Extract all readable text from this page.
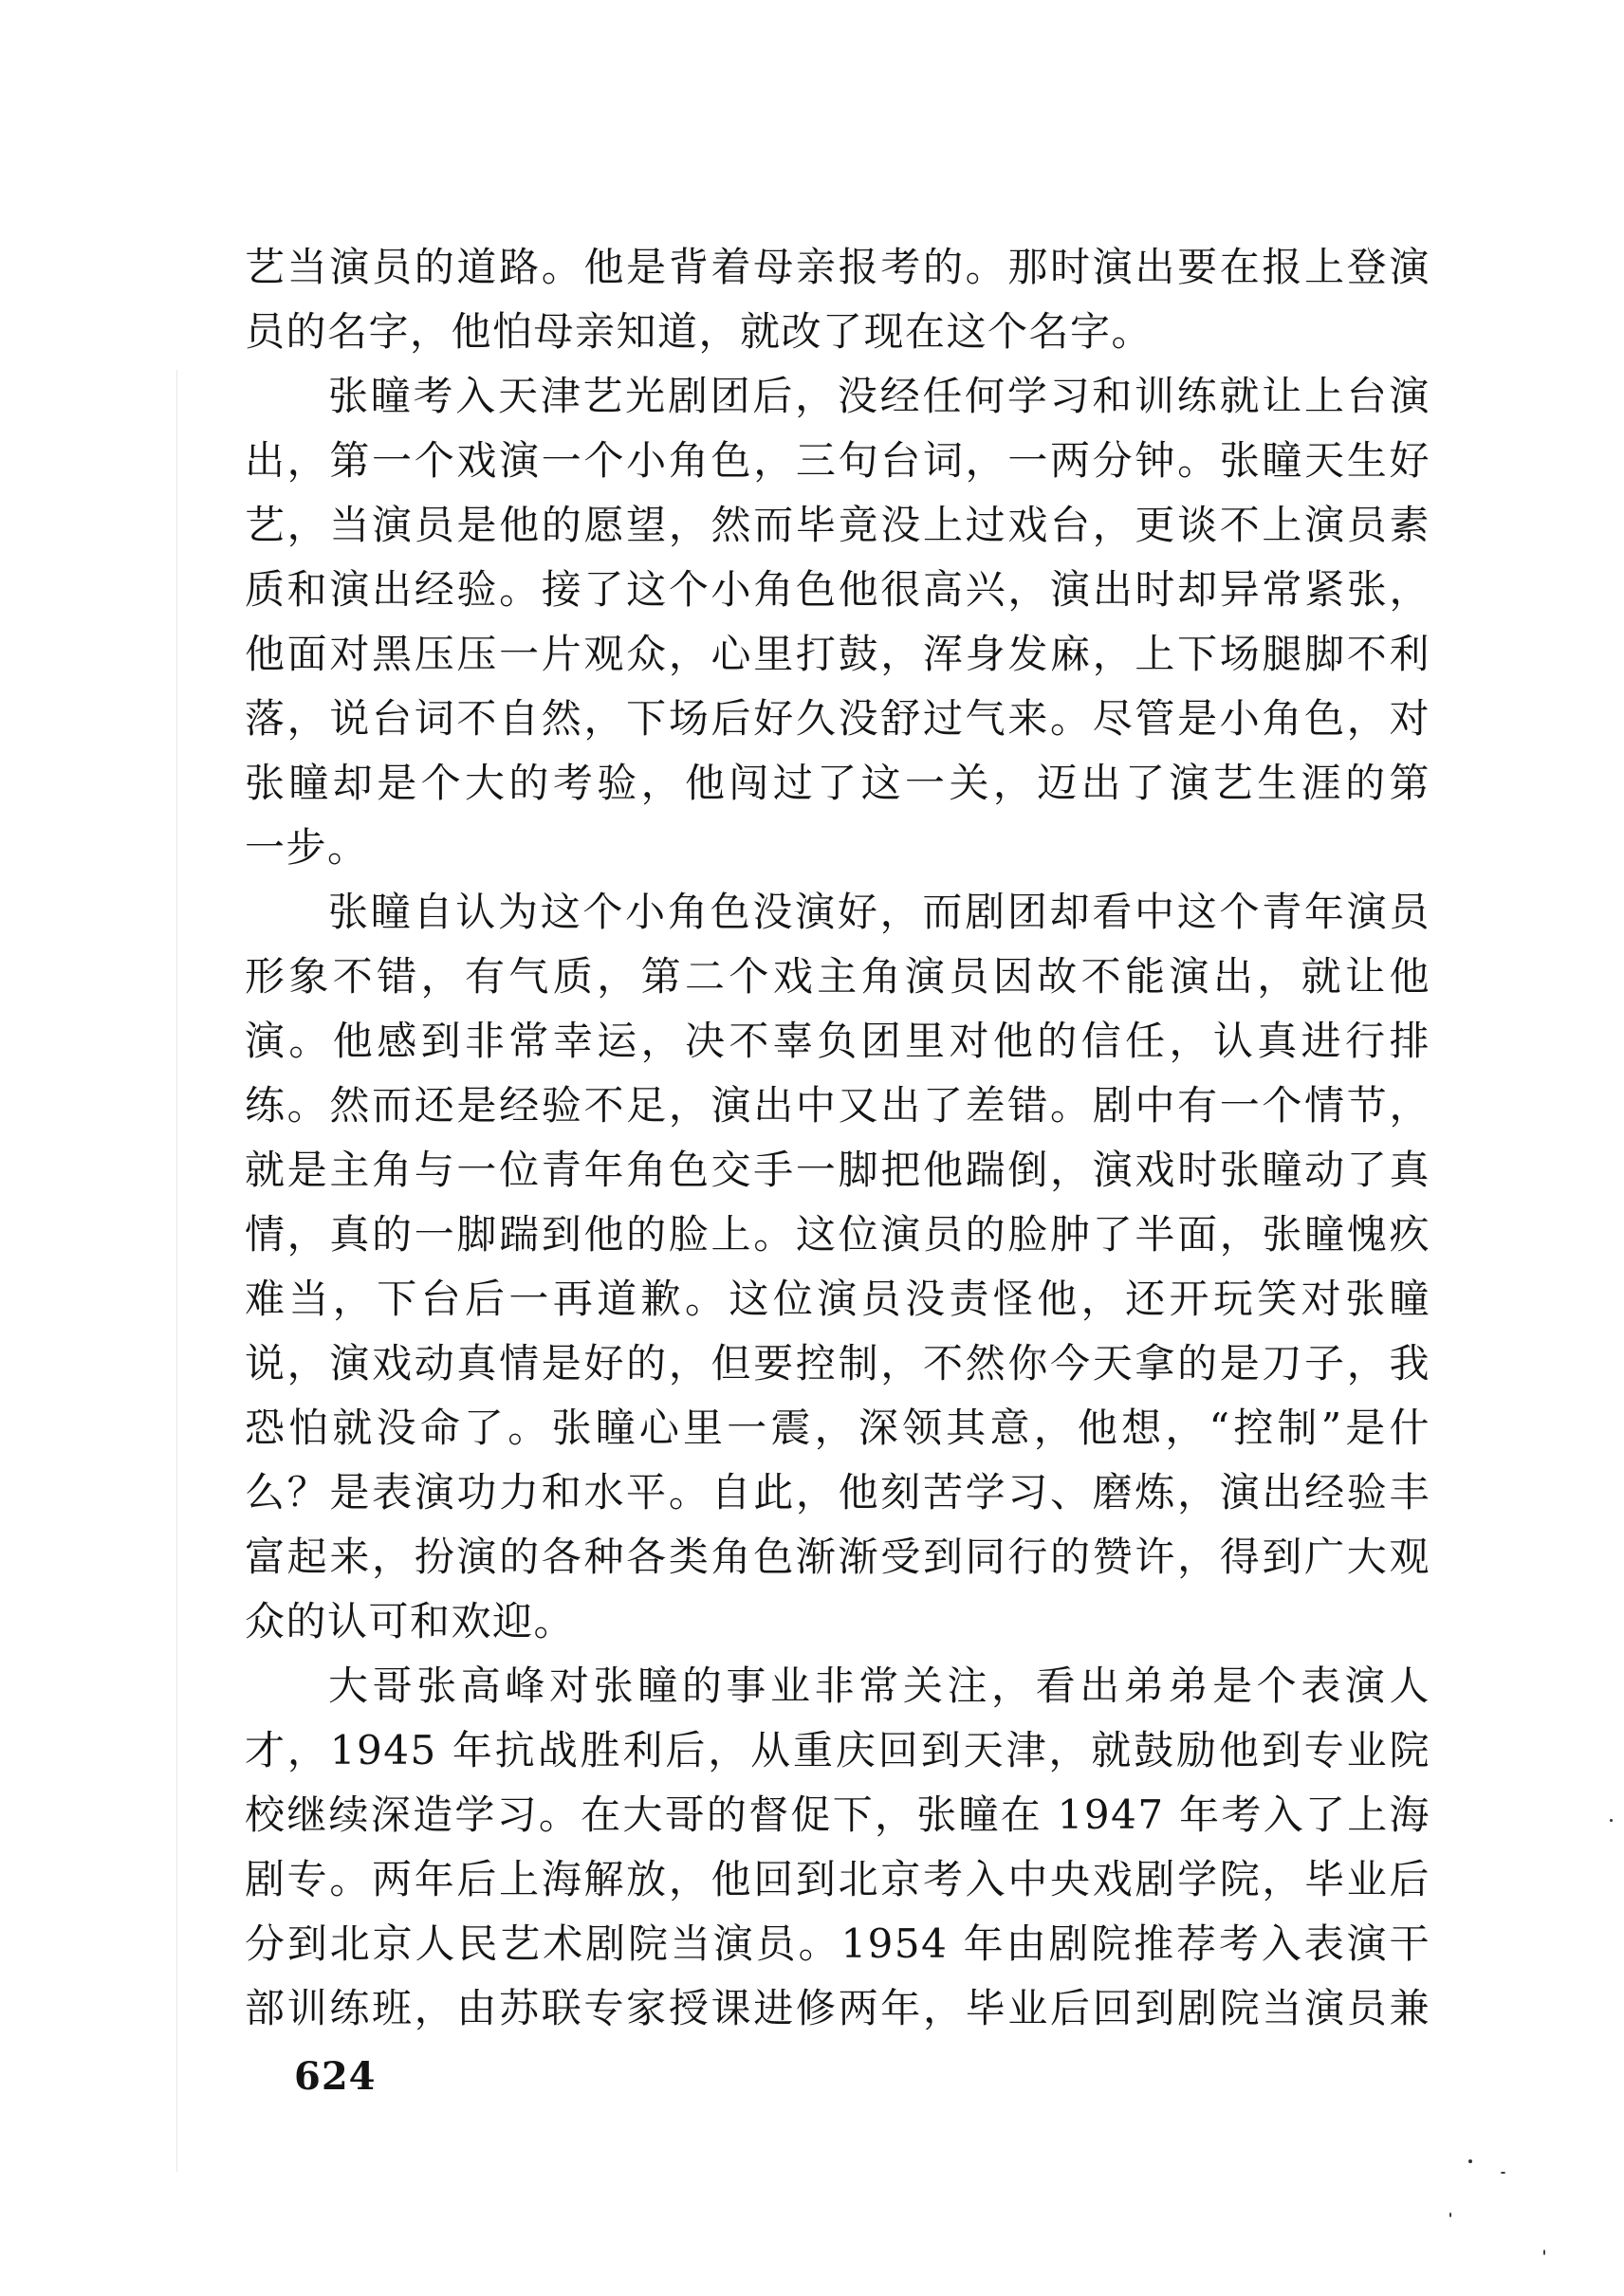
艺当演员的道路。他是背着母亲报考的。那时演出要在报上登演
员的名字，他怕母亲知道，就改了现在这个名字。
张瞳考入天津艺光剧团后，没经任何学习和训练就让上台演
出，第一个戏演一个小角色，三句台词，一两分钟。张瞳天生好
艺，当演员是他的愿望，然而毕竟没上过戏台，更谈不上演员素
质和演出经验。接了这个小角色他很高兴，演出时却异常紧张，
他面对黑压压一片观众，心里打鼓，浑身发麻，上下场腿脚不利
落，说台词不自然，下场后好久没舒过气来。尽管是小角色，对
张瞳却是个大的考验，他闯过了这一关，迈出了演艺生涯的第
一步。
张瞳自认为这个小角色没演好，而剧团却看中这个青年演员
形象不错，有气质，第二个戏主角演员因故不能演出，就让他
演。他感到非常幸运，决不辜负团里对他的信任，认真进行排
练。然而还是经验不足，演出中又出了差错。剧中有一个情节，
就是主角与一位青年角色交手一脚把他踹倒，演戏时张瞳动了真
情，真的一脚踹到他的脸上。这位演员的脸肿了半面，张瞳愧疚
难当，下台后一再道歉。这位演员没责怪他，还开玩笑对张瞳
说，演戏动真情是好的，但要控制，不然你今天拿的是刀子，我
恐怕就没命了。张瞳心里一震，深领其意，他想，“控制”是什
么？是表演功力和水平。自此，他刻苦学习、磨炼，演出经验丰
富起来，扮演的各种各类角色渐渐受到同行的赞许，得到广大观
众的认可和欢迎。
大哥张高峰对张瞳的事业非常关注，看出弟弟是个表演人
才，1945 年抗战胜利后，从重庆回到天津，就鼓励他到专业院
校继续深造学习。在大哥的督促下，张瞳在 1947 年考入了上海
剧专。两年后上海解放，他回到北京考入中央戏剧学院，毕业后
分到北京人民艺术剧院当演员。1954 年由剧院推荐考入表演干
部训练班，由苏联专家授课进修两年，毕业后回到剧院当演员兼
624
